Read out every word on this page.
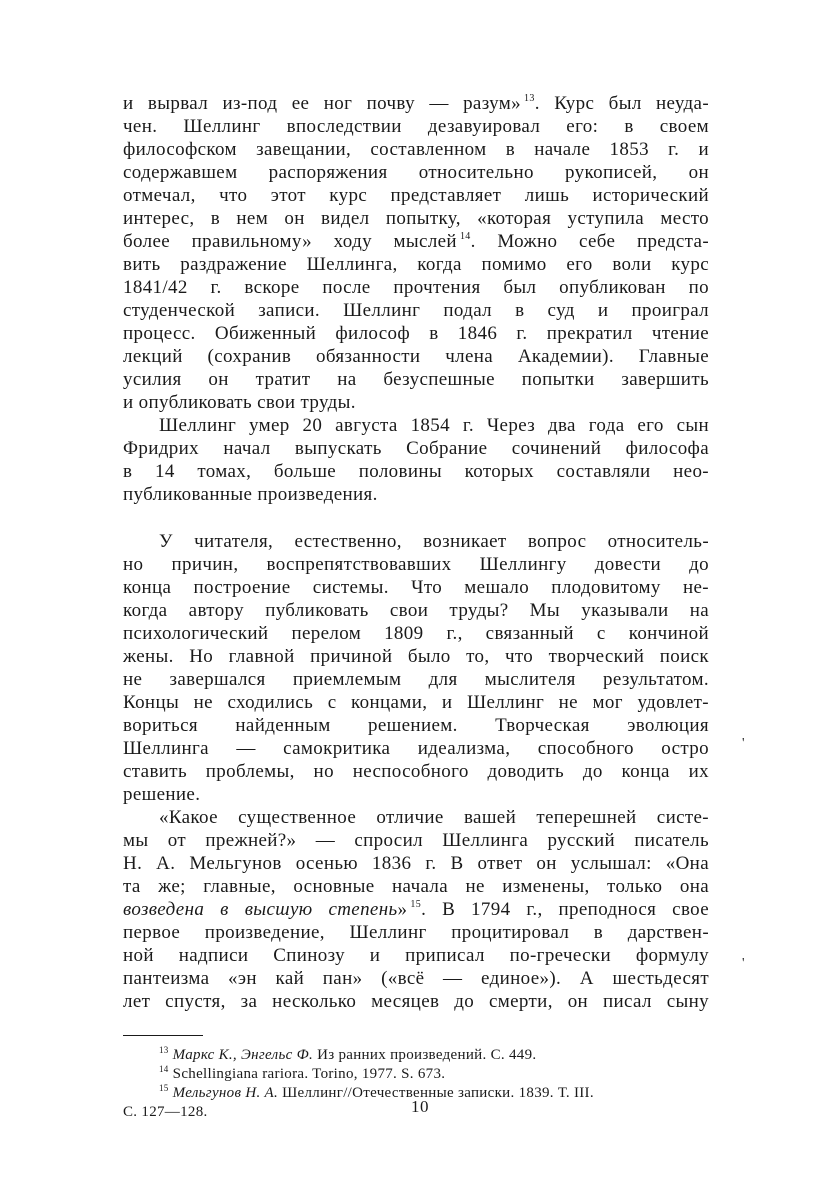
и вырвал из-под ее ног почву — разум» $^{13}$. Курс был неуда-
чен. Шеллинг впоследствии дезавуировал его: в своем
философском завещании, составленном в начале 1853 г. и
содержавшем распоряжения относительно рукописей, он
отмечал, что этот курс представляет лишь исторический
интерес, в нем он видел попытку, «которая уступила место
более правильному» ходу мыслей $^{14}$. Можно себе предста-
вить раздражение Шеллинга, когда помимо его воли курс
1841/42 г. вскоре после прочтения был опубликован по
студенческой записи. Шеллинг подал в суд и проиграл
процесс. Обиженный философ в 1846 г. прекратил чтение
лекций (сохранив обязанности члена Академии). Главные
усилия он тратит на безуспешные попытки завершить
и опубликовать свои труды.
Шеллинг умер 20 августа 1854 г. Через два года его сын
Фридрих начал выпускать Собрание сочинений философа
в 14 томах, больше половины которых составляли нео-
публикованные произведения.
У читателя, естественно, возникает вопрос относитель-
но причин, воспрепятствовавших Шеллингу довести до
конца построение системы. Что мешало плодовитому не-
когда автору публиковать свои труды? Мы указывали на
психологический перелом 1809 г., связанный с кончиной
жены. Но главной причиной было то, что творческий поиск
не завершался приемлемым для мыслителя результатом.
Концы не сходились с концами, и Шеллинг не мог удовлет-
вориться найденным решением. Творческая эволюция
Шеллинга — самокритика идеализма, способного остро
ставить проблемы, но неспособного доводить до конца их
решение.
«Какое существенное отличие вашей теперешней систе-
мы от прежней?» — спросил Шеллинга русский писатель
Н. А. Мельгунов осенью 1836 г. В ответ он услышал: «Она
та же; главные, основные начала не изменены, только она
возведена в высшую степень» $^{15}$. В 1794 г., преподнося свое
первое произведение, Шеллинг процитировал в дарствен-
ной надписи Спинозу и приписал по-гречески формулу
пантеизма «эн кай пан» («всё — единое»). А шестьдесят
лет спустя, за несколько месяцев до смерти, он писал сыну
$^{13}$ Маркс К., Энгельс Ф. Из ранних произведений. С. 449.
$^{14}$ Schellingiana rariora. Torino, 1977. S. 673.
$^{15}$ Мельгунов Н. А. Шеллинг//Отечественные записки. 1839. Т. III.
С. 127—128.	10
'
'
